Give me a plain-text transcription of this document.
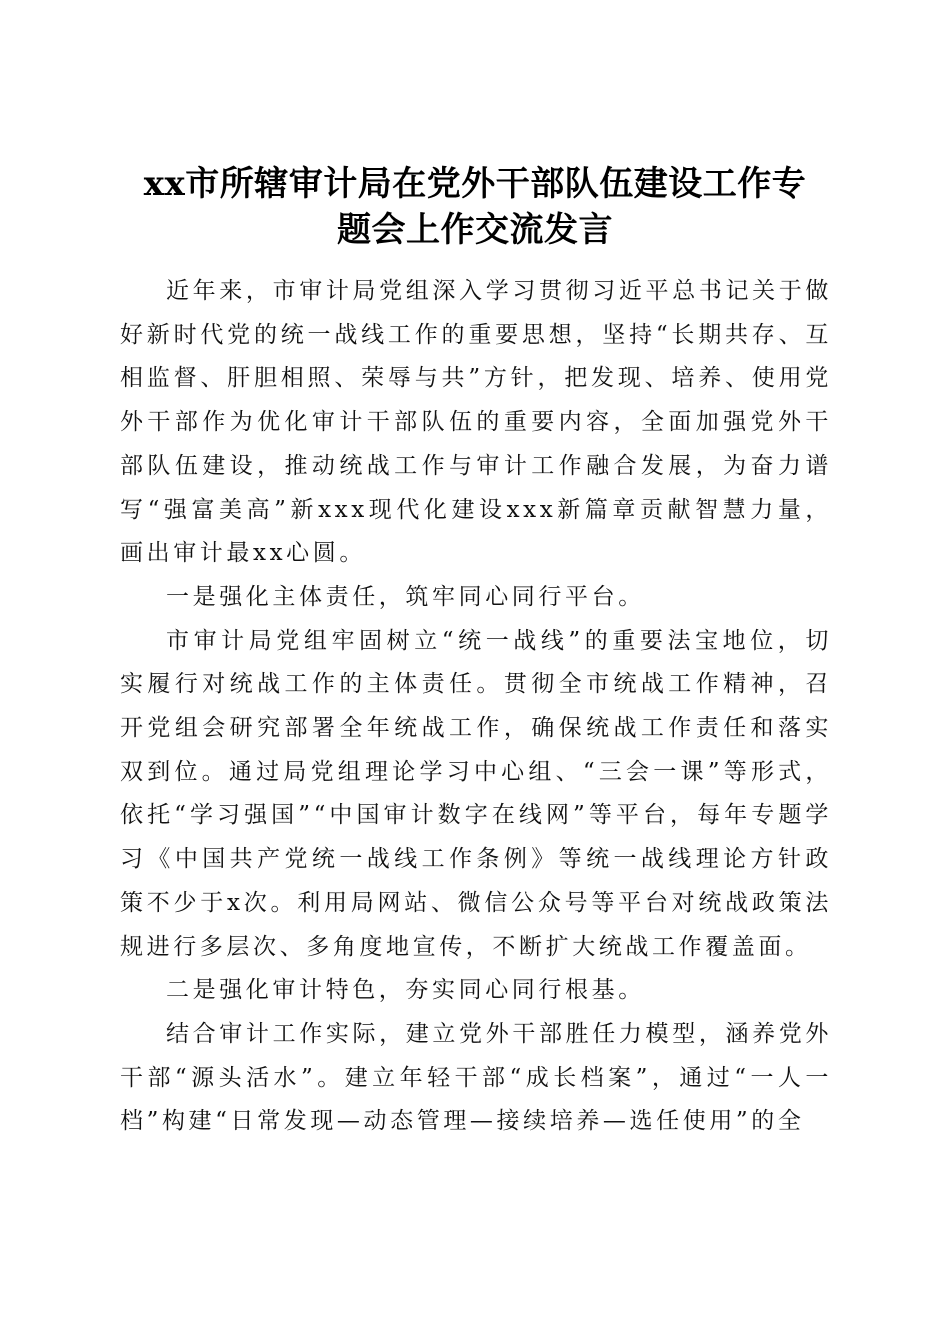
xx市所辖审计局在党外干部队伍建设工作专
题会上作交流发言

近年来，市审计局党组深入学习贯彻习近平总书记关于做好新时代党的统一战线工作的重要思想，坚持“长期共存、互相监督、肝胆相照、荣辱与共”方针，把发现、培养、使用党外干部作为优化审计干部队伍的重要内容，全面加强党外干部队伍建设，推动统战工作与审计工作融合发展，为奋力谱写“强富美高”新xxx现代化建设xxx新篇章贡献智慧力量，画出审计最xx心圆。

一是强化主体责任，筑牢同心同行平台。

市审计局党组牢固树立“统一战线”的重要法宝地位，切实履行对统战工作的主体责任。贯彻全市统战工作精神，召开党组会研究部署全年统战工作，确保统战工作责任和落实双到位。通过局党组理论学习中心组、“三会一课”等形式，依托“学习强国”“中国审计数字在线网”等平台，每年专题学习《中国共产党统一战线工作条例》等统一战线理论方针政策不少于x次。利用局网站、微信公众号等平台对统战政策法规进行多层次、多角度地宣传，不断扩大统战工作覆盖面。

二是强化审计特色，夯实同心同行根基。

结合审计工作实际，建立党外干部胜任力模型，涵养党外干部“源头活水”。建立年轻干部“成长档案”，通过“一人一档”构建“日常发现—动态管理—接续培养—选任使用”的全
